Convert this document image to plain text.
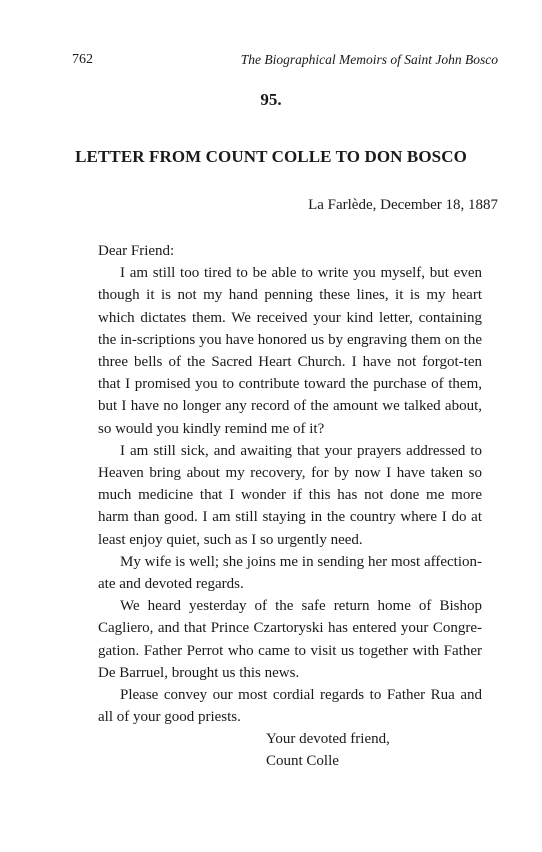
762	The Biographical Memoirs of Saint John Bosco
95.
LETTER FROM COUNT COLLE TO DON BOSCO
La Farlède, December 18, 1887

Dear Friend:

I am still too tired to be able to write you myself, but even though it is not my hand penning these lines, it is my heart which dictates them. We received your kind letter, containing the in-scriptions you have honored us by engraving them on the three bells of the Sacred Heart Church. I have not forgot-ten that I promised you to contribute toward the purchase of them, but I have no longer any record of the amount we talked about, so would you kindly remind me of it?

I am still sick, and awaiting that your prayers addressed to Heaven bring about my recovery, for by now I have taken so much medicine that I wonder if this has not done me more harm than good. I am still staying in the country where I do at least enjoy quiet, such as I so urgently need.

My wife is well; she joins me in sending her most affection-ate and devoted regards.

We heard yesterday of the safe return home of Bishop Cagliero, and that Prince Czartoryski has entered your Congre-gation. Father Perrot who came to visit us together with Father De Barruel, brought us this news.

Please convey our most cordial regards to Father Rua and all of your good priests.

Your devoted friend,
Count Colle
